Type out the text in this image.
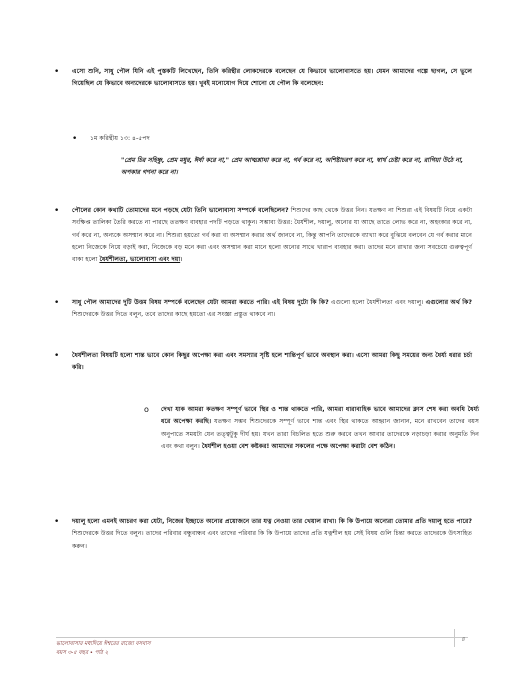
• এসো শুনি, সাধু পৌল যিনি এই পুস্তকটি লিখেছেন, তিনি করিন্থীর লোকদেরকে বলেছেন যে কিভাবে ভালোবাসতে হয়। যেমন আমাদের গল্পে ছাগল, সে ভুলে গিয়েছিল যে কিভাবে অন্যদেরকে ভালোবাসতে হয়। খুবই মনোযোগ দিয়ে শোনো যে পৌল কি বলেছেন:

• ১ম করিন্থীয় ১৩: ৪-৫পদ

"প্রেম চির সহিষ্ণু, প্রেম মধুর, ঈর্ষা করে না," প্রেম আত্মশ্লাঘা করে না, গর্ব করে না, অশিষ্টাচরণ করে না, স্বার্থ চেষ্টা করে না, রাগিয়া উঠে না, অপকার গণনা করে না।

• পৌলের কোন কথাটি তোমাদের মনে পড়ছে যেটা তিনি ভালোবাসা সম্পর্কে বলেছিলেন? শিশুদের কাছ থেকে উত্তর নিন। যতক্ষণ না শিশুরা এই বিষয়টি নিয়ে একটা সংক্ষিপ্ত তালিকা তৈরি করতে না পারছে ততক্ষণ বাবহার পদটি পড়তে থাকুন। সম্ভাব্য উত্তর: ধৈর্যশীল, দয়ালু, অন্যের যা আছে তাতে লোভ করে না, অহংকার করে না, গর্ব করে না, অন্যকে অসম্মান করে না। শিশুরা হয়তো গর্ব করা বা অসম্মান করার অর্থ জানবে না, কিন্তু আপনি তাদেরকে ব্যাখ্যা করে বুঝিয়ে বলবেন যে গর্ব করার মানে হলো নিজেকে নিয়ে বড়াই করা, নিজেকে বড় মনে করা এবং অসম্মান করা মানে হলো অন্যের সাথে খারাপ ব্যবহার করা। তাদের মনে রাখার জন্য সবচেয়ে গুরুত্বপূর্ণ বাক্য হলো ধৈর্যশীলতা, ভালোবাসা এবং দয়া।

• সাধু পৌল আমাদের দুটি উত্তম বিষয় সম্পর্কে বলেছেন যেটা আমরা করতে পারি। এই বিষয় দুটো কি কি? এগুলো হলো ধৈর্যশীলতা এবং দয়ালু। এগুলোর অর্থ কি? শিশুদেরকে উত্তর দিতে বলুন, তবে তাদের কাছে হয়তো এর সংজ্ঞা প্রস্তুত থাকবে না।

• ধৈর্যশীলতা বিষয়টি হলো শান্ত ভাবে কোন কিছুর অপেক্ষা করা এবং সমস্যার সৃষ্টি হলে শান্তিপূর্ণ ভাবে অবস্থান করা। এসো আমরা কিছু সময়ের জন্য ধৈর্য্য ধরার চর্চা করি।

o দেখা যাক আমরা কতক্ষণ সম্পূর্ণ ভাবে স্থির ও শান্ত থাকতে পারি, আমরা ধারাবাহিক ভাবে আমাদের ক্লাস শেষ করা অবধি ধৈর্য্য ধরে অপেক্ষা করছি। যতক্ষণ সম্ভব শিশুদেরকে সম্পূর্ণ ভাবে শান্ত এবং স্থির থাকতে আহ্বান জানান, মনে রাখবেন তাদের বয়স অনুপাতে সময়টা যেন তত্ত্বটুকু দীর্ঘ হয়। যখন তারা বিচলিত হতে শুরু করবে তখন আবার তাদেরকে নড়াচড়া করার অনুমতি দিন এবং কথা বলুন। ধৈর্যশীল হওয়া বেশ কষ্টকর! আমাদের সকলের পক্ষে অপেক্ষা করাটা বেশ কঠিন।

• দয়ালু হলো এমনই আচরণ করা যেটা, নিজের ইচ্ছাতে অন্যের প্রয়োজনে তার যত্ন নেওয়া তার খেয়াল রাখা। কি কি উপায়ে অন্যেরা তোমার প্রতি দয়ালু হতে পারে? শিশুদেরকে উত্তর দিতে বলুন। তাদের পরিবার বন্ধুবান্ধব এবং তাদের পরিবার কি কি উপায়ে তাদের প্রতি যত্নশীল হয় সেই বিষয় গুলি চিন্তা করতে তাদেরকে উৎসাহিত করুন।

ভালোবাসার মধ্যদিয়ে ঈশ্বরের রাজ্যে বসবাস
বয়স ৩-৫ বছর • পাঠ ২
৪
